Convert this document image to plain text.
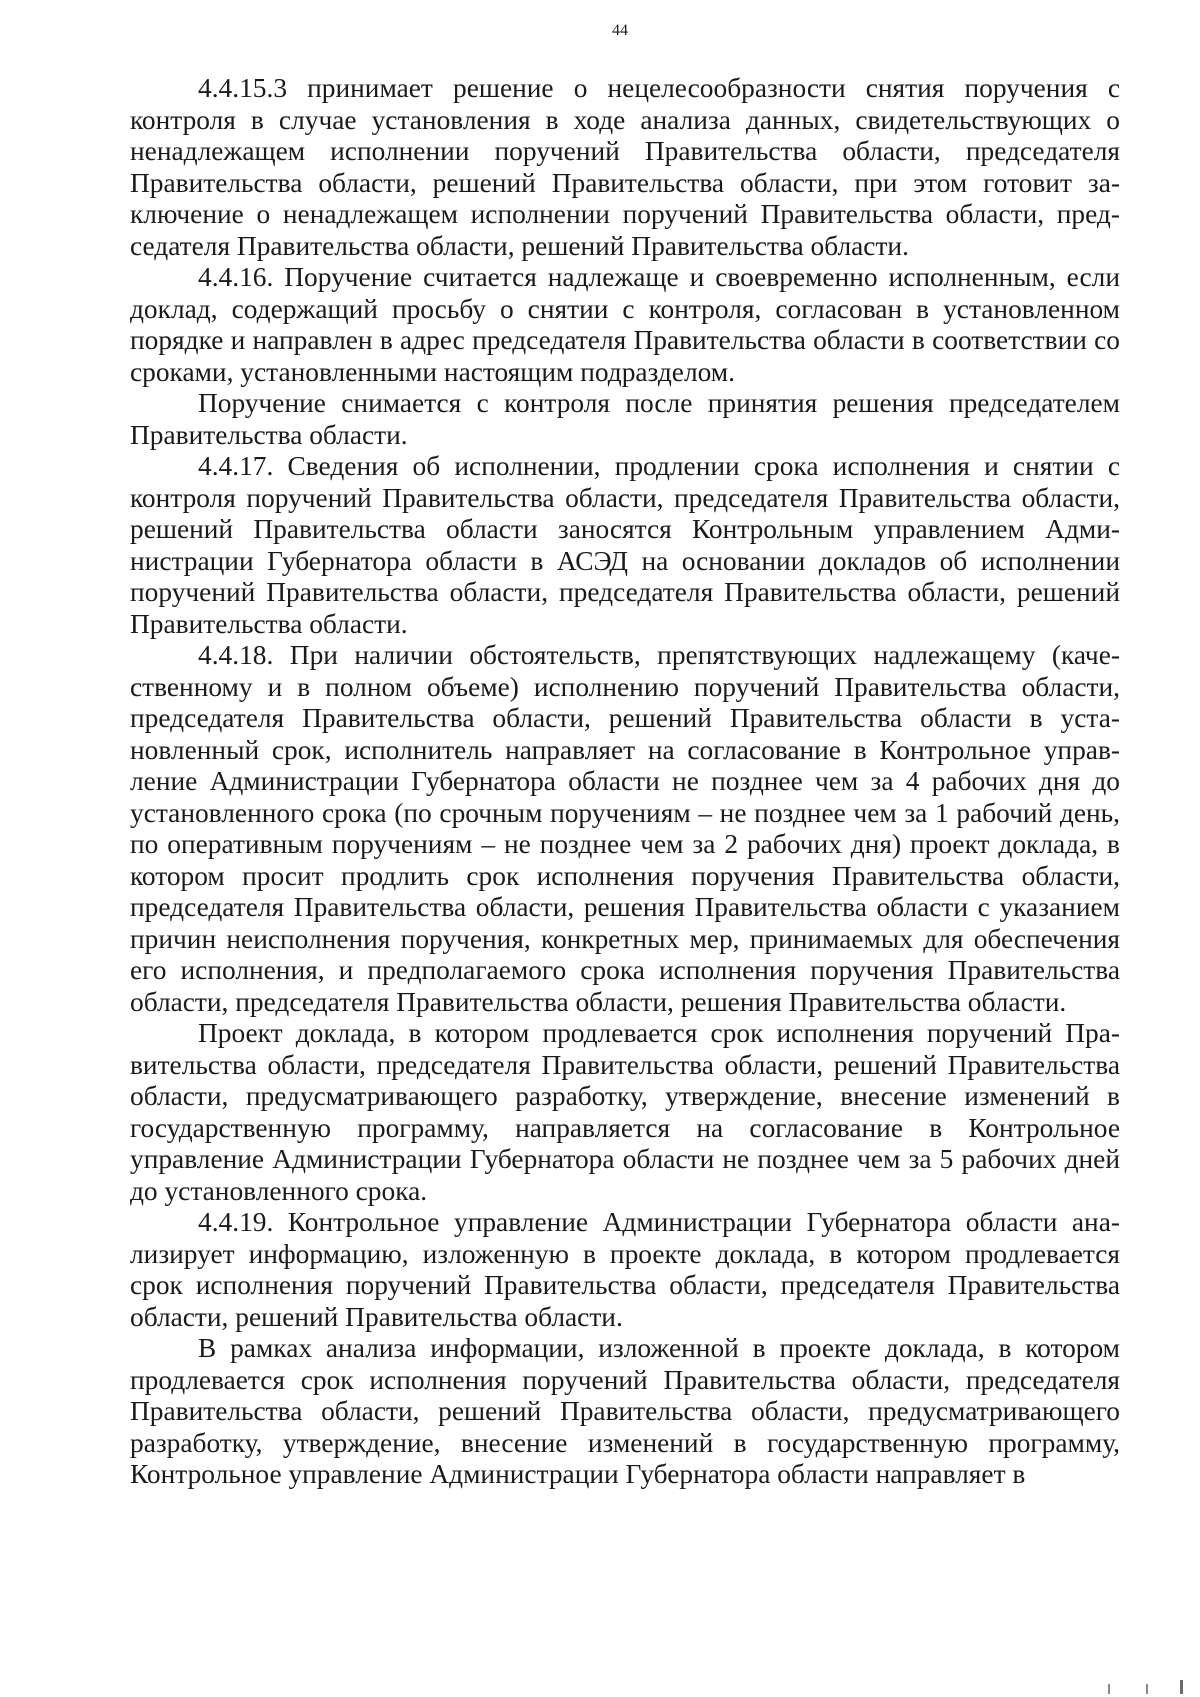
44

4.4.15.3 принимает решение о нецелесообразности снятия поручения с контроля в случае установления в ходе анализа данных, свидетельствующих о ненадлежащем исполнении поручений Правительства области, председателя Правительства области, решений Правительства области, при этом готовит заключение о ненадлежащем исполнении поручений Правительства области, председателя Правительства области, решений Правительства области.

4.4.16. Поручение считается надлежаще и своевременно исполненным, если доклад, содержащий просьбу о снятии с контроля, согласован в установленном порядке и направлен в адрес председателя Правительства области в соответствии со сроками, установленными настоящим подразделом.

Поручение снимается с контроля после принятия решения председателем Правительства области.

4.4.17. Сведения об исполнении, продлении срока исполнения и снятии с контроля поручений Правительства области, председателя Правительства области, решений Правительства области заносятся Контрольным управлением Администрации Губернатора области в АСЭД на основании докладов об исполнении поручений Правительства области, председателя Правительства области, решений Правительства области.

4.4.18. При наличии обстоятельств, препятствующих надлежащему (качественному и в полном объеме) исполнению поручений Правительства области, председателя Правительства области, решений Правительства области в установленный срок, исполнитель направляет на согласование в Контрольное управление Администрации Губернатора области не позднее чем за 4 рабочих дня до установленного срока (по срочным поручениям – не позднее чем за 1 рабочий день, по оперативным поручениям – не позднее чем за 2 рабочих дня) проект доклада, в котором просит продлить срок исполнения поручения Правительства области, председателя Правительства области, решения Правительства области с указанием причин неисполнения поручения, конкретных мер, принимаемых для обеспечения его исполнения, и предполагаемого срока исполнения поручения Правительства области, председателя Правительства области, решения Правительства области.

Проект доклада, в котором продлевается срок исполнения поручений Правительства области, председателя Правительства области, решений Правительства области, предусматривающего разработку, утверждение, внесение изменений в государственную программу, направляется на согласование в Контрольное управление Администрации Губернатора области не позднее чем за 5 рабочих дней до установленного срока.

4.4.19. Контрольное управление Администрации Губернатора области анализирует информацию, изложенную в проекте доклада, в котором продлевается срок исполнения поручений Правительства области, председателя Правительства области, решений Правительства области.

В рамках анализа информации, изложенной в проекте доклада, в котором продлевается срок исполнения поручений Правительства области, председателя Правительства области, решений Правительства области, предусматривающего разработку, утверждение, внесение изменений в государственную программу, Контрольное управление Администрации Губернатора области направляет в
